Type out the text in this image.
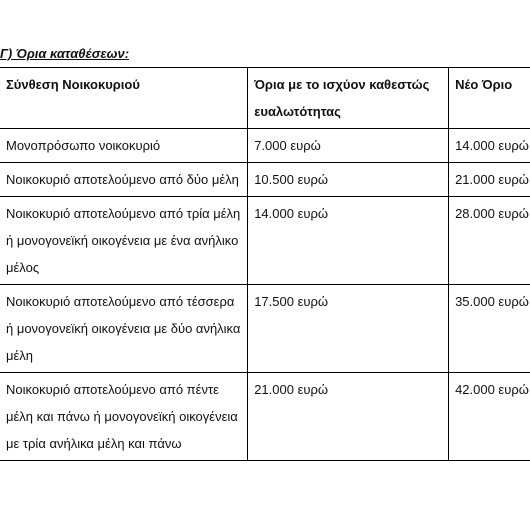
Γ) Όρια καταθέσεων:
Σύνθεση Νοικοκυριού	Όρια με το ισχύον καθεστώς ευαλωτότητας	Νέο Όριο
Μονοπρόσωπο νοικοκυριό	7.000 ευρώ	14.000 ευρώ
Νοικοκυριό αποτελούμενο από δύο μέλη	10.500 ευρώ	21.000 ευρώ
Νοικοκυριό αποτελούμενο από τρία μέλη ή μονογονεϊκή οικογένεια με ένα ανήλικο μέλος	14.000 ευρώ	28.000 ευρώ
Νοικοκυριό αποτελούμενο από τέσσερα ή μονογονεϊκή οικογένεια με δύο ανήλικα μέλη	17.500 ευρώ	35.000 ευρώ
Νοικοκυριό αποτελούμενο από πέντε μέλη και πάνω ή μονογονεϊκή οικογένεια με τρία ανήλικα μέλη και πάνω	21.000 ευρώ	42.000 ευρώ
